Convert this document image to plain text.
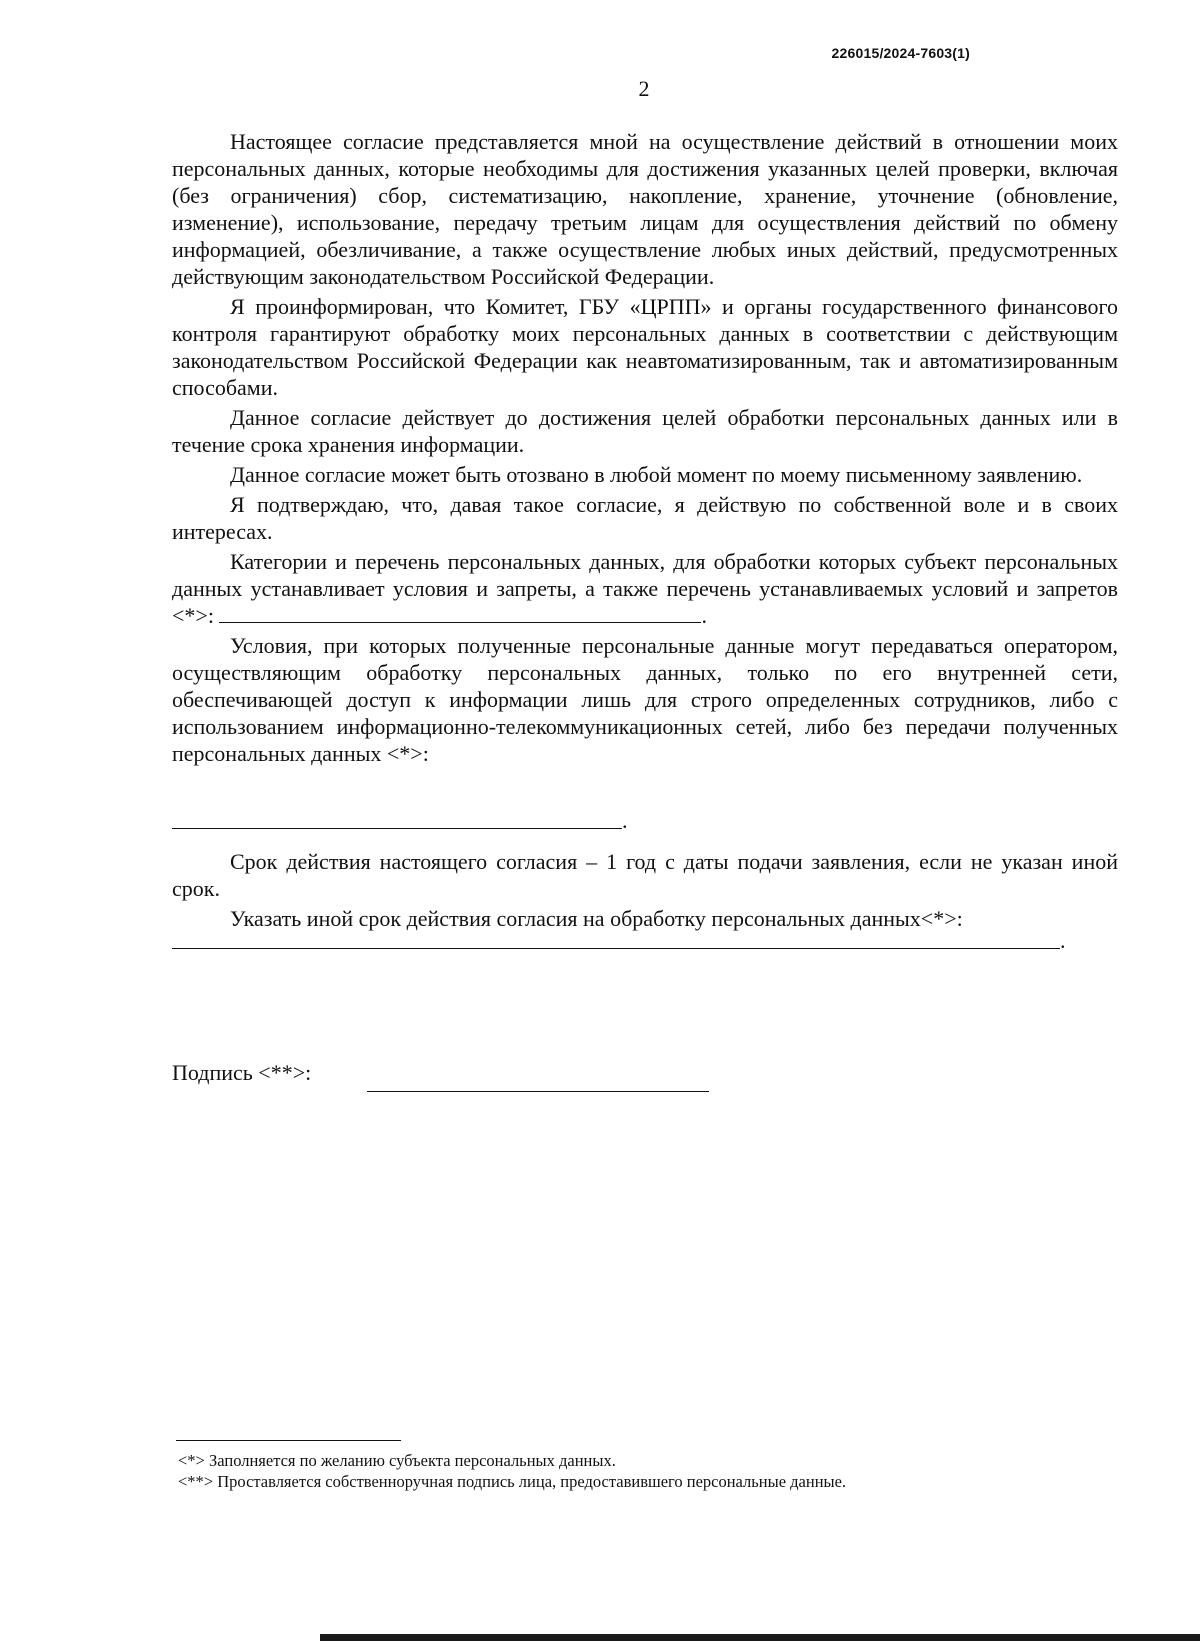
226015/2024-7603(1)
2

Настоящее согласие представляется мной на осуществление действий в отношении моих персональных данных, которые необходимы для достижения указанных целей проверки, включая (без ограничения) сбор, систематизацию, накопление, хранение, уточнение (обновление, изменение), использование, передачу третьим лицам для осуществления действий по обмену информацией, обезличивание, а также осуществление любых иных действий, предусмотренных действующим законодательством Российской Федерации.

Я проинформирован, что Комитет, ГБУ «ЦРПП» и органы государственного финансового контроля гарантируют обработку моих персональных данных в соответствии с действующим законодательством Российской Федерации как неавтоматизированным, так и автоматизированным способами.

Данное согласие действует до достижения целей обработки персональных данных или в течение срока хранения информации.

Данное согласие может быть отозвано в любой момент по моему письменному заявлению.

Я подтверждаю, что, давая такое согласие, я действую по собственной воле и в своих интересах.

Категории и перечень персональных данных, для обработки которых субъект персональных данных устанавливает условия и запреты, а также перечень устанавливаемых условий и запретов <*>:	.

Условия, при которых полученные персональные данные могут передаваться оператором, осуществляющим обработку персональных данных, только по его внутренней сети, обеспечивающей доступ к информации лишь для строго определенных сотрудников, либо с использованием информационно-телекоммуникационных сетей, либо без передачи полученных персональных данных <*>:

.

Срок действия настоящего согласия – 1 год с даты подачи заявления, если не указан иной срок.

Указать иной срок действия согласия на обработку персональных данных<*>:

.
Подпись <**>:

<*> Заполняется по желанию субъекта персональных данных.

<**> Проставляется собственноручная подпись лица, предоставившего персональные данные.
